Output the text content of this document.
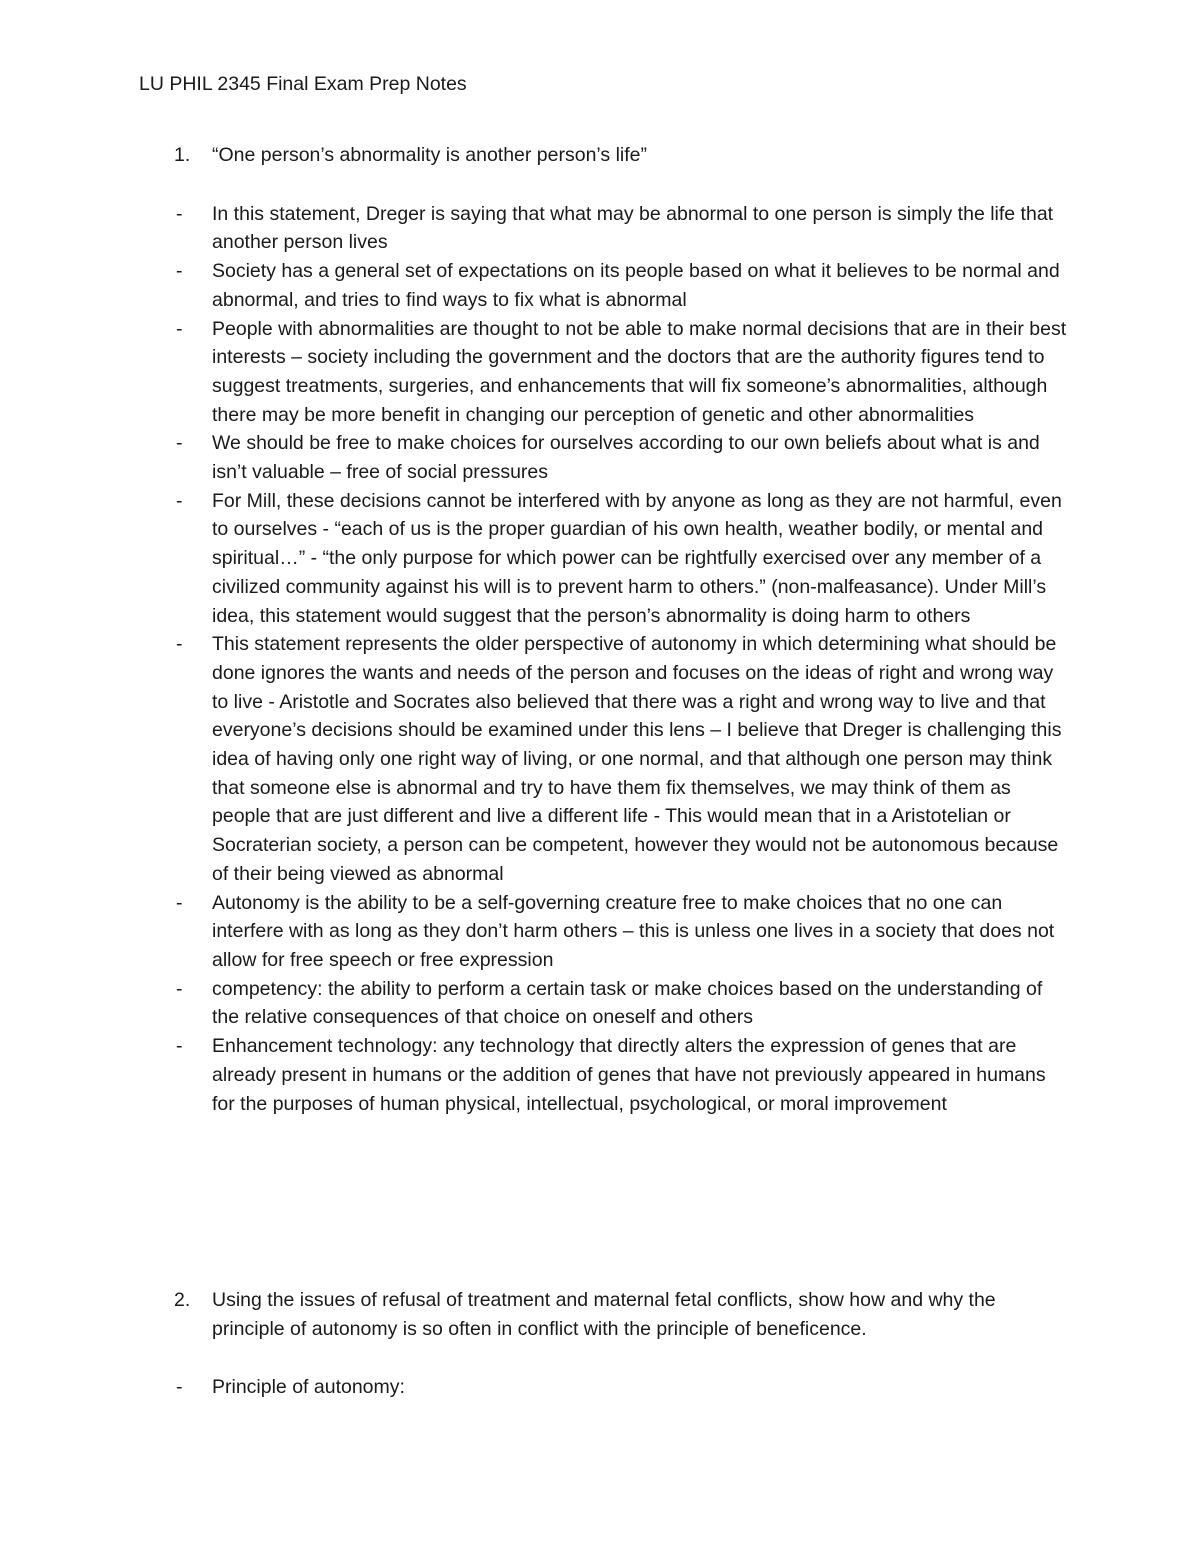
LU PHIL 2345 Final Exam Prep Notes
1. “One person’s abnormality is another person’s life”
- In this statement, Dreger is saying that what may be abnormal to one person is simply the life that another person lives
- Society has a general set of expectations on its people based on what it believes to be normal and abnormal, and tries to find ways to fix what is abnormal
- People with abnormalities are thought to not be able to make normal decisions that are in their best interests – society including the government and the doctors that are the authority figures tend to suggest treatments, surgeries, and enhancements that will fix someone’s abnormalities, although there may be more benefit in changing our perception of genetic and other abnormalities
- We should be free to make choices for ourselves according to our own beliefs about what is and isn’t valuable – free of social pressures
- For Mill, these decisions cannot be interfered with by anyone as long as they are not harmful, even to ourselves - “each of us is the proper guardian of his own health, weather bodily, or mental and spiritual…” - “the only purpose for which power can be rightfully exercised over any member of a civilized community against his will is to prevent harm to others.” (non-malfeasance). Under Mill’s idea, this statement would suggest that the person’s abnormality is doing harm to others
- This statement represents the older perspective of autonomy in which determining what should be done ignores the wants and needs of the person and focuses on the ideas of right and wrong way to live - Aristotle and Socrates also believed that there was a right and wrong way to live and that everyone’s decisions should be examined under this lens – I believe that Dreger is challenging this idea of having only one right way of living, or one normal, and that although one person may think that someone else is abnormal and try to have them fix themselves, we may think of them as people that are just different and live a different life - This would mean that in a Aristotelian or Socraterian society, a person can be competent, however they would not be autonomous because of their being viewed as abnormal
- Autonomy is the ability to be a self-governing creature free to make choices that no one can interfere with as long as they don’t harm others – this is unless one lives in a society that does not allow for free speech or free expression
- competency: the ability to perform a certain task or make choices based on the understanding of the relative consequences of that choice on oneself and others
- Enhancement technology: any technology that directly alters the expression of genes that are already present in humans or the addition of genes that have not previously appeared in humans for the purposes of human physical, intellectual, psychological, or moral improvement
2. Using the issues of refusal of treatment and maternal fetal conflicts, show how and why the principle of autonomy is so often in conflict with the principle of beneficence.
- Principle of autonomy:
